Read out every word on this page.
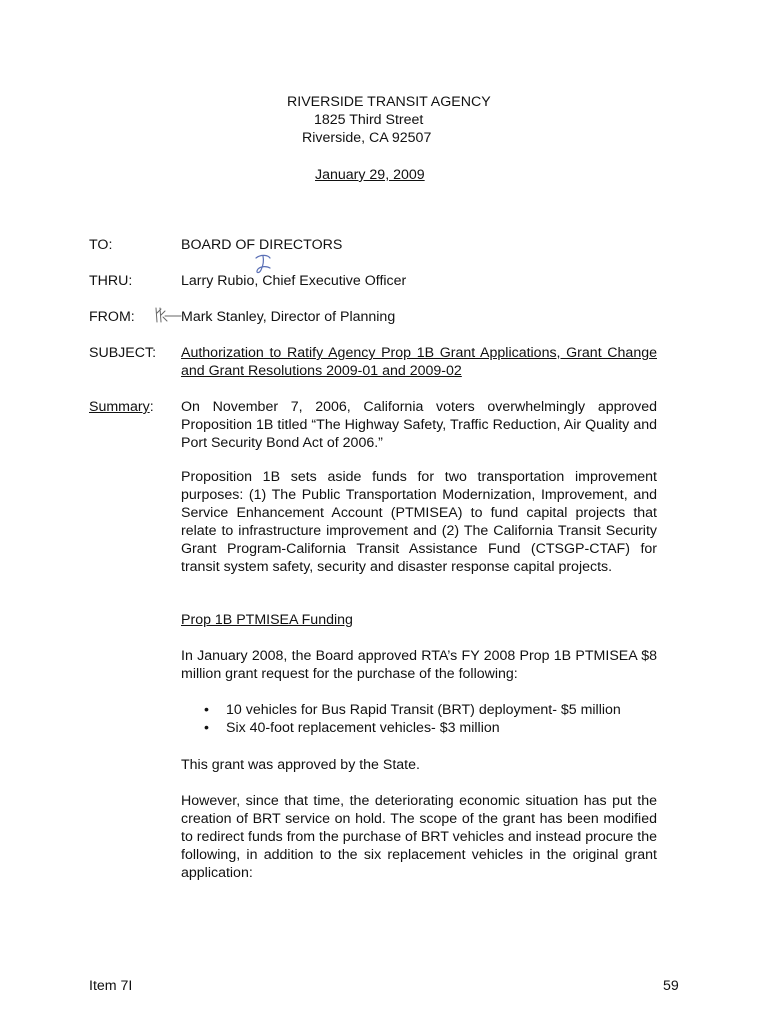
RIVERSIDE TRANSIT AGENCY
1825 Third Street
Riverside, CA 92507
January 29, 2009
TO:	BOARD OF DIRECTORS
THRU:	Larry Rubio, Chief Executive Officer
FROM:	Mark Stanley, Director of Planning
SUBJECT: Authorization to Ratify Agency Prop 1B Grant Applications, Grant Change and Grant Resolutions 2009-01 and 2009-02
Summary: On November 7, 2006, California voters overwhelmingly approved Proposition 1B titled “The Highway Safety, Traffic Reduction, Air Quality and Port Security Bond Act of 2006.”
Proposition 1B sets aside funds for two transportation improvement purposes: (1) The Public Transportation Modernization, Improvement, and Service Enhancement Account (PTMISEA) to fund capital projects that relate to infrastructure improvement and (2) The California Transit Security Grant Program-California Transit Assistance Fund (CTSGP-CTAF) for transit system safety, security and disaster response capital projects.
Prop 1B PTMISEA Funding
In January 2008, the Board approved RTA’s FY 2008 Prop 1B PTMISEA $8 million grant request for the purchase of the following:
• 10 vehicles for Bus Rapid Transit (BRT) deployment- $5 million
• Six 40-foot replacement vehicles- $3 million
This grant was approved by the State.
However, since that time, the deteriorating economic situation has put the creation of BRT service on hold. The scope of the grant has been modified to redirect funds from the purchase of BRT vehicles and instead procure the following, in addition to the six replacement vehicles in the original grant application:
Item 7I	59
